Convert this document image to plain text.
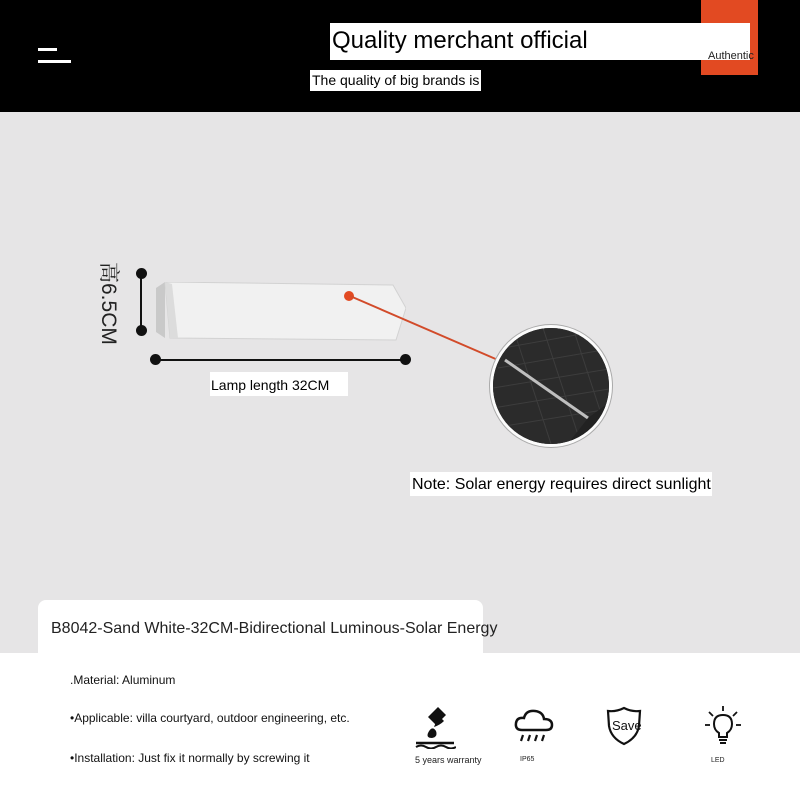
Quality merchant official
Authentic
The quality of big brands is
高6.5CM
Lamp length 32CM
Note: Solar energy requires direct sunlight
B8042-Sand White-32CM-Bidirectional Luminous-Solar Energy
.Material: Aluminum
•Applicable: villa courtyard, outdoor engineering, etc.
•Installation: Just fix it normally by screwing it	5 years warranty	IP65
Save
LED
